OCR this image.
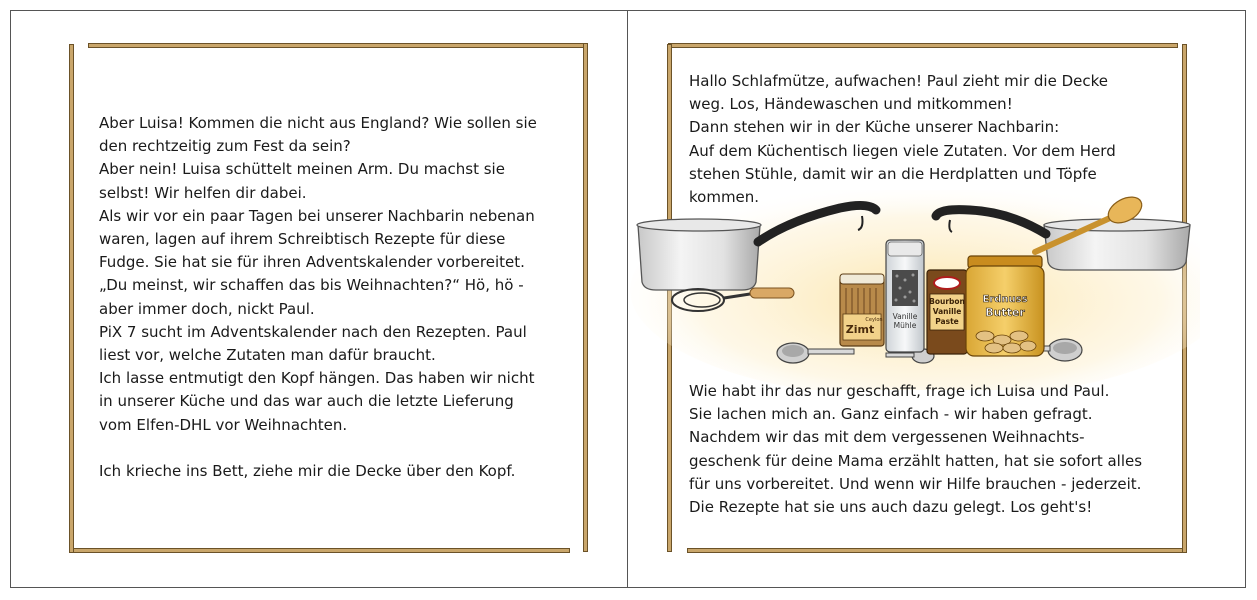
Aber Luisa! Kommen die nicht aus England? Wie sollen sie

den rechtzeitig zum Fest da sein?

Aber nein! Luisa schüttelt meinen Arm. Du machst sie

selbst! Wir helfen dir dabei.

Als wir vor ein paar Tagen bei unserer Nachbarin nebenan

waren, lagen auf ihrem Schreibtisch Rezepte für diese

Fudge. Sie hat sie für ihren Adventskalender vorbereitet.

„Du meinst, wir schaffen das bis Weihnachten?“ Hö, hö -

aber immer doch, nickt Paul.

PiX 7 sucht im Adventskalender nach den Rezepten. Paul

liest vor, welche Zutaten man dafür braucht.

Ich lasse entmutigt den Kopf hängen. Das haben wir nicht

in unserer Küche und das war auch die letzte Lieferung

vom Elfen-DHL vor Weihnachten.

Ich krieche ins Bett, ziehe mir die Decke über den Kopf.

Hallo Schlafmütze, aufwachen! Paul zieht mir die Decke

weg. Los, Händewaschen und mitkommen!

Dann stehen wir in der Küche unserer Nachbarin:

Auf dem Küchentisch liegen viele Zutaten. Vor dem Herd

stehen Stühle, damit wir an die Herdplatten und Töpfe

kommen.

Zimt
Ceylon Vanille
Mühle
Bourbon
Vanille
Paste
Erdnuss
Butter

Wie habt ihr das nur geschafft, frage ich Luisa und Paul.

Sie lachen mich an. Ganz einfach - wir haben gefragt.

Nachdem wir das mit dem vergessenen Weihnachts-

geschenk für deine Mama erzählt hatten, hat sie sofort alles

für uns vorbereitet. Und wenn wir Hilfe brauchen - jederzeit.

Die Rezepte hat sie uns auch dazu gelegt. Los geht's!
